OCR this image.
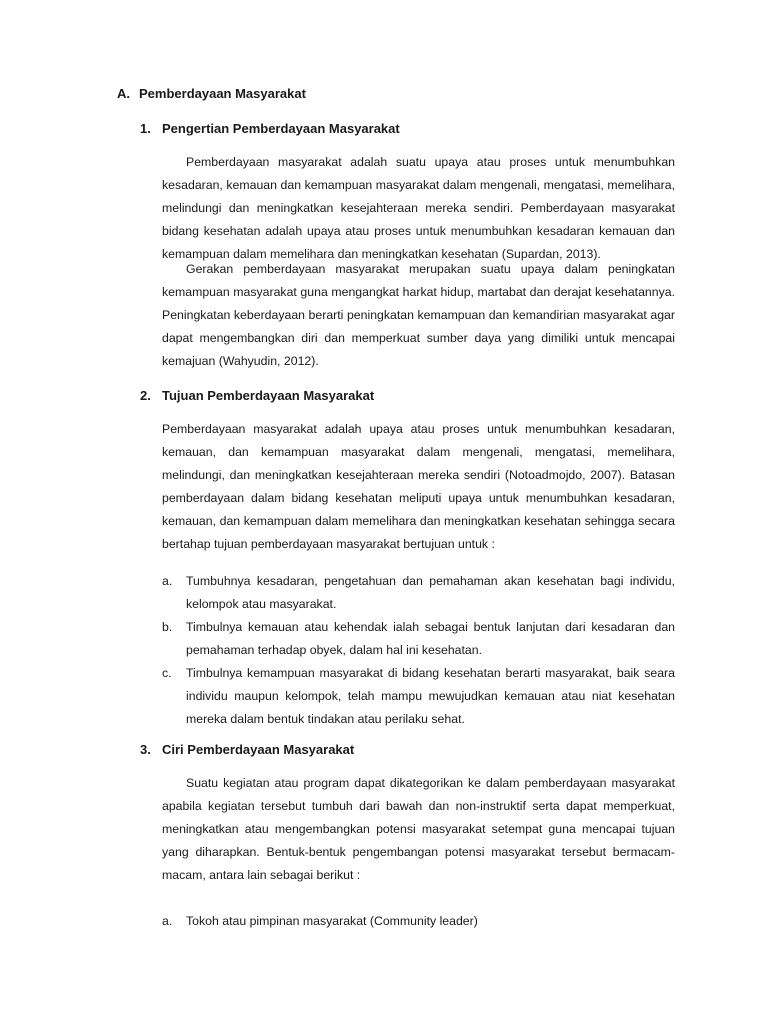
A. Pemberdayaan Masyarakat
1. Pengertian Pemberdayaan Masyarakat

Pemberdayaan masyarakat adalah suatu upaya atau proses untuk menumbuhkan kesadaran, kemauan dan kemampuan masyarakat dalam mengenali, mengatasi, memelihara, melindungi dan meningkatkan kesejahteraan mereka sendiri. Pemberdayaan masyarakat bidang kesehatan adalah upaya atau proses untuk menumbuhkan kesadaran kemauan dan kemampuan dalam memelihara dan meningkatkan kesehatan (Supardan, 2013).

Gerakan pemberdayaan masyarakat merupakan suatu upaya dalam peningkatan kemampuan masyarakat guna mengangkat harkat hidup, martabat dan derajat kesehatannya. Peningkatan keberdayaan berarti peningkatan kemampuan dan kemandirian masyarakat agar dapat mengembangkan diri dan memperkuat sumber daya yang dimiliki untuk mencapai kemajuan (Wahyudin, 2012).

2. Tujuan Pemberdayaan Masyarakat

Pemberdayaan masyarakat adalah upaya atau proses untuk menumbuhkan kesadaran, kemauan, dan kemampuan masyarakat dalam mengenali, mengatasi, memelihara, melindungi, dan meningkatkan kesejahteraan mereka sendiri (Notoadmojdo, 2007). Batasan pemberdayaan dalam bidang kesehatan meliputi upaya untuk menumbuhkan kesadaran, kemauan, dan kemampuan dalam memelihara dan meningkatkan kesehatan sehingga secara bertahap tujuan pemberdayaan masyarakat bertujuan untuk :

a. Tumbuhnya kesadaran, pengetahuan dan pemahaman akan kesehatan bagi individu, kelompok atau masyarakat.
b. Timbulnya kemauan atau kehendak ialah sebagai bentuk lanjutan dari kesadaran dan pemahaman terhadap obyek, dalam hal ini kesehatan.
c. Timbulnya kemampuan masyarakat di bidang kesehatan berarti masyarakat, baik seara individu maupun kelompok, telah mampu mewujudkan kemauan atau niat kesehatan mereka dalam bentuk tindakan atau perilaku sehat.
3. Ciri Pemberdayaan Masyarakat

Suatu kegiatan atau program dapat dikategorikan ke dalam pemberdayaan masyarakat apabila kegiatan tersebut tumbuh dari bawah dan non-instruktif serta dapat memperkuat, meningkatkan atau mengembangkan potensi masyarakat setempat guna mencapai tujuan yang diharapkan. Bentuk-bentuk pengembangan potensi masyarakat tersebut bermacam-macam, antara lain sebagai berikut :

a. Tokoh atau pimpinan masyarakat (Community leader)
